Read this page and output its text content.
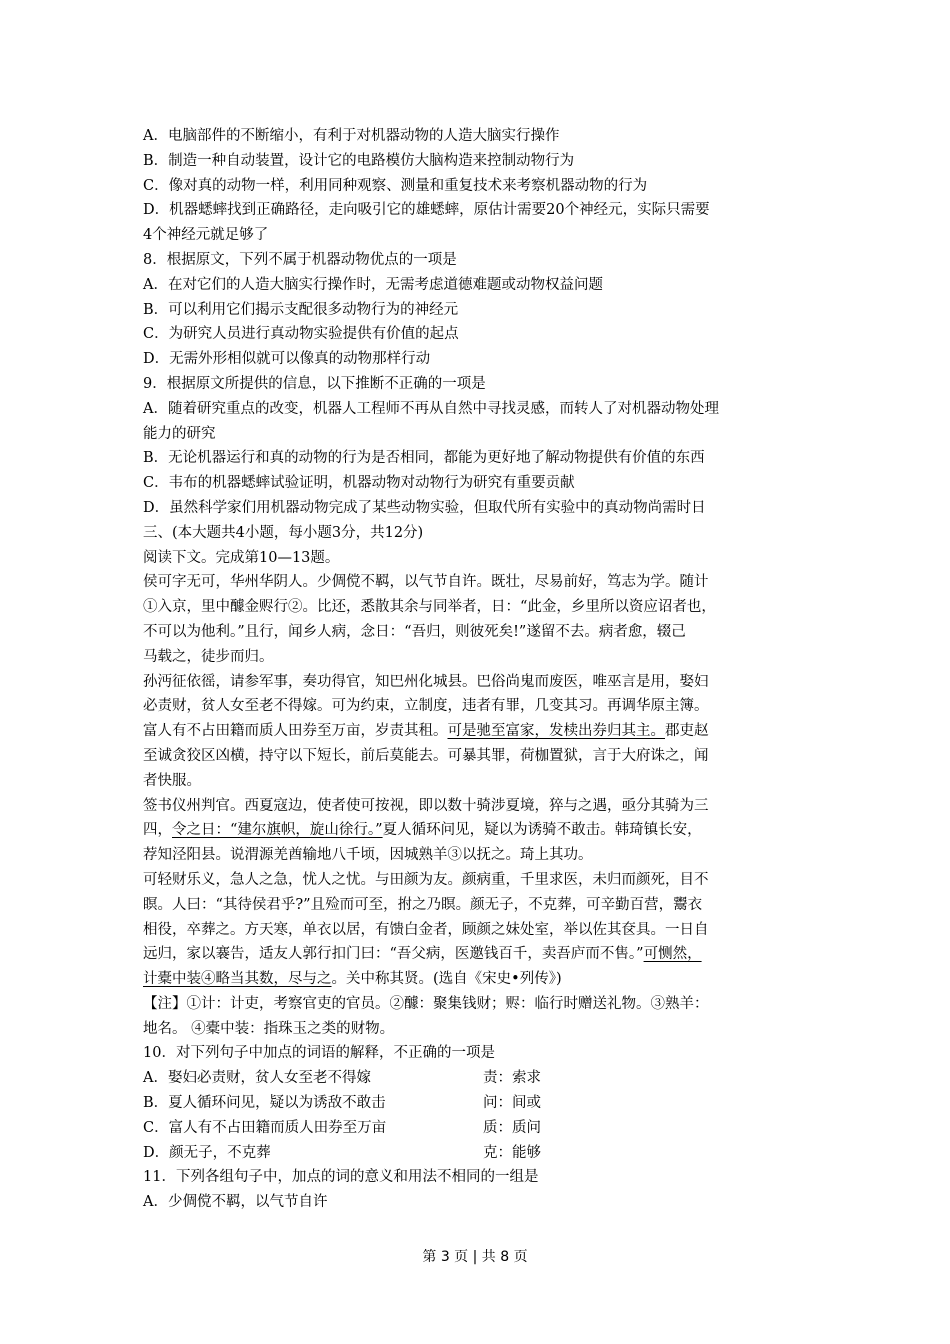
A．电脑部件的不断缩小，有利于对机器动物的人造大脑实行操作
B．制造一种自动装置，设计它的电路模仿大脑构造来控制动物行为
C．像对真的动物一样，利用同种观察、测量和重复技术来考察机器动物的行为
D．机器蟋蟀找到正确路径，走向吸引它的雄蟋蟀，原估计需要20个神经元，实际只需要
4个神经元就足够了
8．根据原文，下列不属于机器动物优点的一项是
A．在对它们的人造大脑实行操作时，无需考虑道德难题或动物权益问题
B．可以利用它们揭示支配很多动物行为的神经元
C．为研究人员进行真动物实验提供有价值的起点
D．无需外形相似就可以像真的动物那样行动
9．根据原文所提供的信息，以下推断不正确的一项是
A．随着研究重点的改变，机器人工程师不再从自然中寻找灵感，而转人了对机器动物处理
能力的研究
B．无论机器运行和真的动物的行为是否相同，都能为更好地了解动物提供有价值的东西
C．韦布的机器蟋蟀试验证明，机器动物对动物行为研究有重要贡献
D．虽然科学家们用机器动物完成了某些动物实验，但取代所有实验中的真动物尚需时日
三、(本大题共4小题，每小题3分，共12分)
阅读下文。完成第10—13题。
侯可字无可，华州华阴人。少倜傥不羁，以气节自许。既壮，尽易前好，笃志为学。随计
①入京，里中醵金赆行②。比还，悉散其余与同举者，日：“此金，乡里所以资应诏者也，
不可以为他利。”且行，闻乡人病，念日：“吾归，则彼死矣!”遂留不去。病者愈，辍己
马载之，徒步而归。
孙沔征依徭，请参军事，奏功得官，知巴州化城县。巴俗尚鬼而废医，唯巫言是用，娶妇
必责财，贫人女至老不得嫁。可为约束，立制度，违者有罪，几变其习。再调华原主簿。
富人有不占田籍而质人田券至万亩，岁责其租。可是驰至富家，发椟出券归其主。郡吏赵
至诚贪狡区凶横，持守以下短长，前后莫能去。可暴其罪，荷枷置狱，言于大府诛之，闻
者快服。
签书仪州判官。西夏寇边，使者使可按视，即以数十骑涉夏境，猝与之遇，亟分其骑为三
四，令之日：“建尔旗帜，旋山徐行。”夏人循环问见，疑以为诱骑不敢击。韩琦镇长安，
荐知泾阳县。说渭源羌酋输地八千顷，因城熟羊③以抚之。琦上其功。
可轻财乐义，急人之急，忧人之忧。与田颜为友。颜病重，千里求医，未归而颜死，目不
瞑。人曰：“其待侯君乎?”且殓而可至，拊之乃瞑。颜无子，不克葬，可辛勤百营，鬻衣
相役，卒葬之。方天寒，单衣以居，有馈白金者，顾颜之妹处室，举以佐其奁具。一日自
远归，家以褰告，适友人郭行扣门曰：“吾父病，医邀钱百千，卖吾庐而不售。”可恻然，
计橐中装④略当其数，尽与之。关中称其贤。(选自《宋史•列传》)
【注】①计：计吏，考察官吏的官员。②醵：聚集钱财；赆：临行时赠送礼物。③熟羊：
地名。 ④橐中装：指珠玉之类的财物。
10．对下列句子中加点的词语的解释，不正确的一项是
A．娶妇必责财，贫人女至老不得嫁	责：索求
B．夏人循环问见，疑以为诱敌不敢击	问：间或
C．富人有不占田籍而质人田券至万亩	质：质问
D．颜无子，不克葬	克：能够
11．下列各组句子中，加点的词的意义和用法不相同的一组是
A．少倜傥不羁，以气节自许
第 3 页 | 共 8 页
